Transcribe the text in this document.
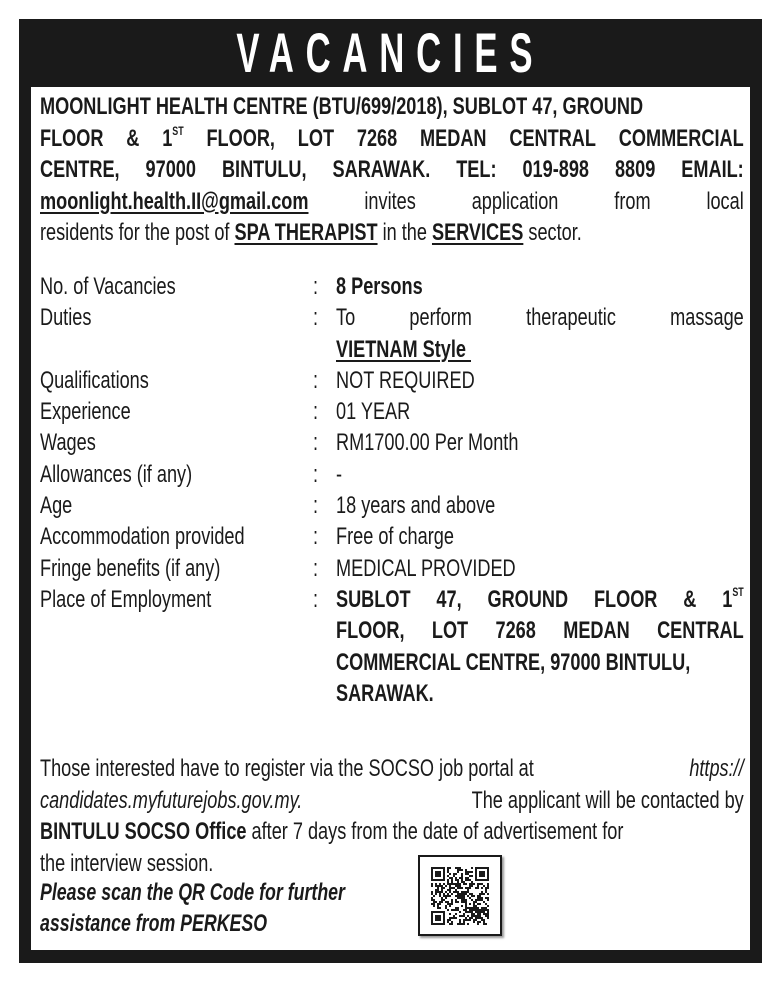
VACANCIES
MOONLIGHT HEALTH CENTRE (BTU/699/2018), SUBLOT 47, GROUND
FLOOR & 1ST FLOOR, LOT 7268 MEDAN CENTRAL COMMERCIAL
CENTRE, 97000 BINTULU, SARAWAK. TEL: 019-898 8809 EMAIL:
moonlight.health.II@gmail.com invites application from local
residents for the post of SPA THERAPIST in the SERVICES sector.
No. of Vacancies	: 8 Persons
Duties	: To perform therapeutic massage
VIETNAM Style
Qualifications	: NOT REQUIRED
Experience	: 01 YEAR
Wages	: RM1700.00 Per Month
Allowances (if any)	: -
Age	: 18 years and above
Accommodation provided	: Free of charge
Fringe benefits (if any)	: MEDICAL PROVIDED
Place of Employment	: SUBLOT 47, GROUND FLOOR & 1ST
FLOOR, LOT 7268 MEDAN CENTRAL
COMMERCIAL CENTRE, 97000 BINTULU,
SARAWAK.
Those interested have to register via the SOCSO job portal at	https://
candidates.myfuturejobs.gov.my.	The applicant will be contacted by
BINTULU SOCSO Office after 7 days from the date of advertisement for
the interview session.
Please scan the QR Code for further
assistance from PERKESO
